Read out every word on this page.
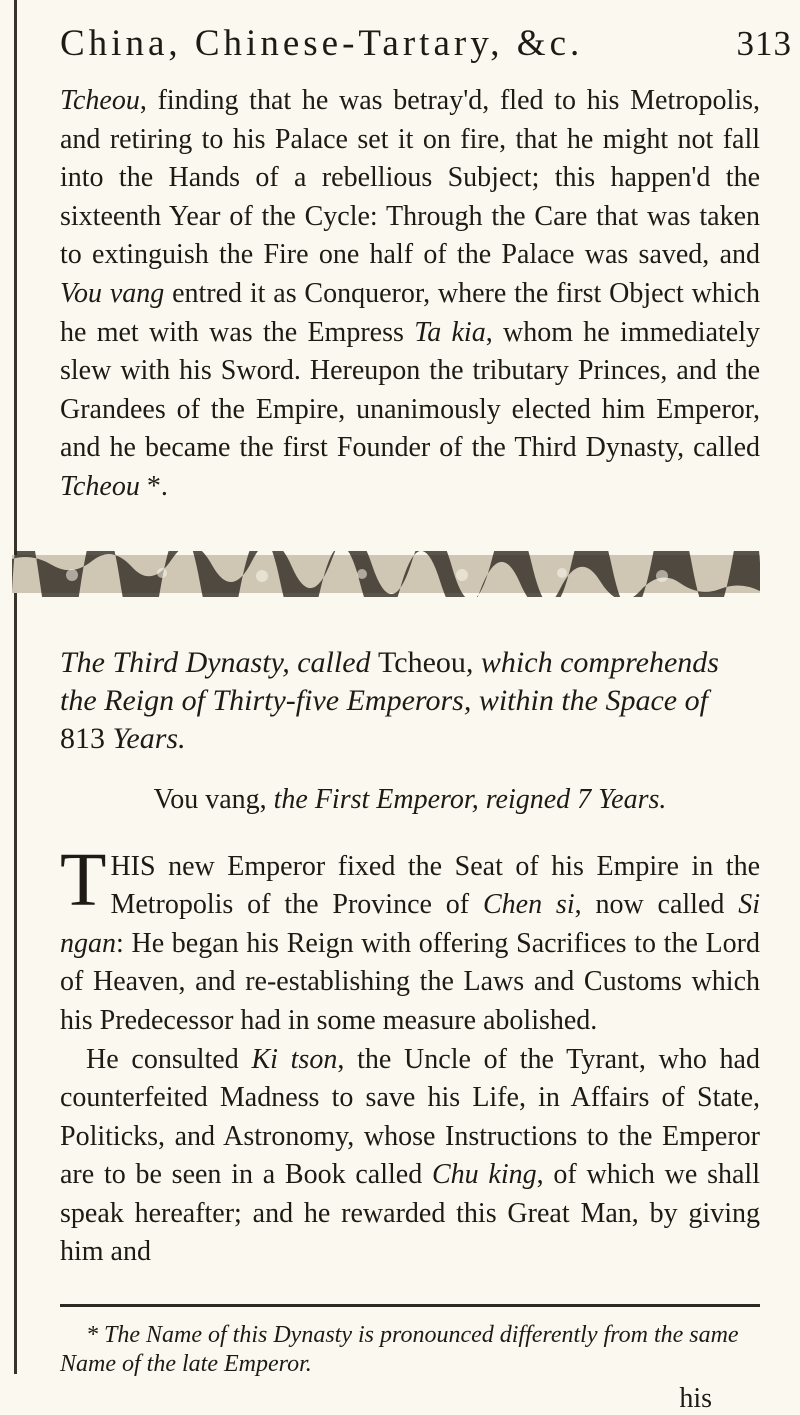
China, Chinese-Tartary, &c.	313

Tcheou, finding that he was betray'd, fled to his Metropolis, and retiring to his Palace set it on fire, that he might not fall into the Hands of a rebellious Subject; this happen'd the sixteenth Year of the Cycle: Through the Care that was taken to extinguish the Fire one half of the Palace was saved, and Vou vang entred it as Conqueror, where the first Object which he met with was the Empress Ta kia, whom he immediately slew with his Sword. Hereupon the tributary Princes, and the Grandees of the Empire, unanimously elected him Emperor, and he became the first Founder of the Third Dynasty, called Tcheou *.

The Third Dynasty, called Tcheou, which comprehends the Reign of Thirty-five Emperors, within the Space of 813 Years.

Vou vang, the First Emperor, reigned 7 Years.

THIS new Emperor fixed the Seat of his Empire in the Metropolis of the Province of Chen si, now called Si ngan: He began his Reign with offering Sacrifices to the Lord of Heaven, and re-establishing the Laws and Customs which his Predecessor had in some measure abolished.

He consulted Ki tson, the Uncle of the Tyrant, who had counterfeited Madness to save his Life, in Affairs of State, Politicks, and Astronomy, whose Instructions to the Emperor are to be seen in a Book called Chu king, of which we shall speak hereafter; and he rewarded this Great Man, by giving him and

* The Name of this Dynasty is pronounced differently from the same Name of the late Emperor.

his
